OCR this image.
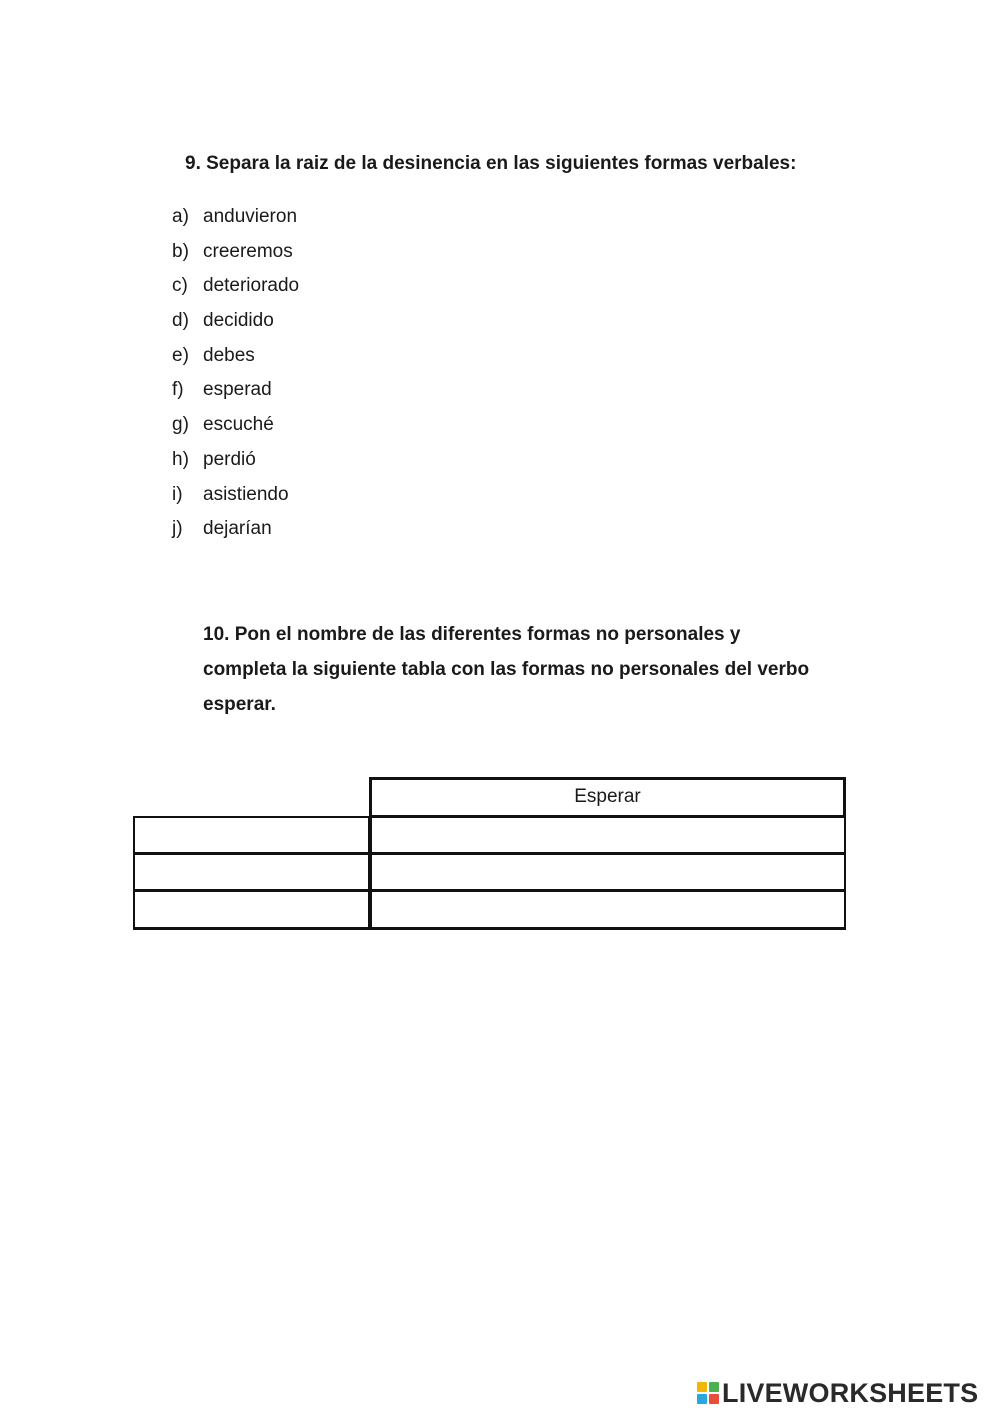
9. Separa la raiz de la desinencia en las siguientes formas verbales:
a) anduvieron
b) creeremos
c) deteriorado
d) decidido
e) debes
f)	esperad
g) escuché
h) perdió
i)	asistiendo
j)	dejarían
10. Pon el nombre de las diferentes formas no personales y
completa la siguiente tabla con las formas no personales del verbo
esperar.
Esperar
LIVEWORKSHEETS
